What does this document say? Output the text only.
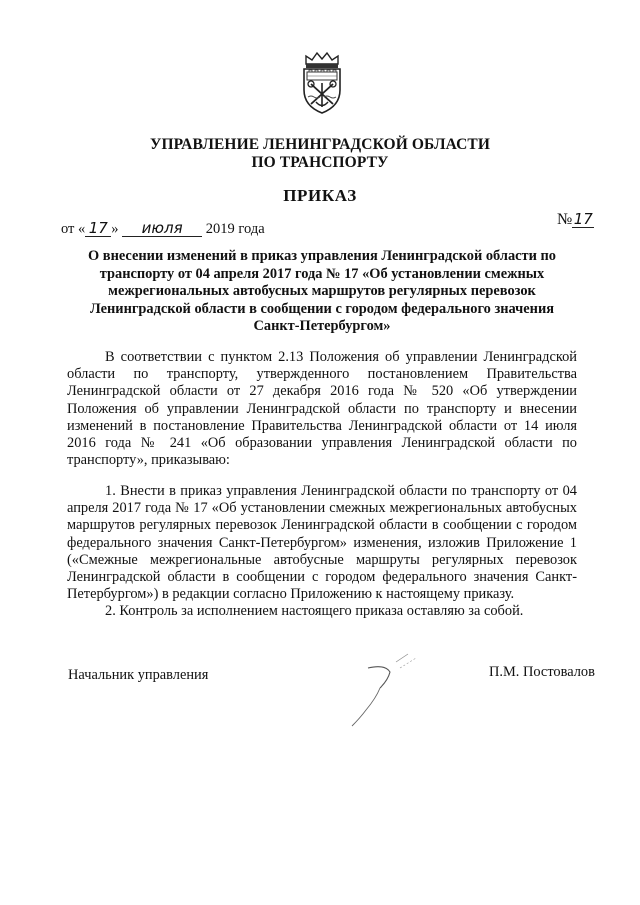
УПРАВЛЕНИЕ ЛЕНИНГРАДСКОЙ ОБЛАСТИ
ПО ТРАНСПОРТУ
ПРИКАЗ
от « 17 » июля 2019 года
№17
О внесении изменений в приказ управления Ленинградской области по транспорту от 04 апреля 2017 года № 17 «Об установлении смежных межрегиональных автобусных маршрутов регулярных перевозок Ленинградской области в сообщении с городом федерального значения Санкт-Петербургом»

В соответствии с пунктом 2.13 Положения об управлении Ленинградской области по транспорту, утвержденного постановлением Правительства Ленинградской области от 27 декабря 2016 года № 520 «Об утверждении Положения об управлении Ленинградской области по транспорту и внесении изменений в постановление Правительства Ленинградской области от 14 июля 2016 года № 241 «Об образовании управления Ленинградской области по транспорту», приказываю:

1. Внести в приказ управления Ленинградской области по транспорту от 04 апреля 2017 года № 17 «Об установлении смежных межрегиональных автобусных маршрутов регулярных перевозок Ленинградской области в сообщении с городом федерального значения Санкт-Петербургом» изменения, изложив Приложение 1 («Смежные межрегиональные автобусные маршруты регулярных перевозок Ленинградской области в сообщении с городом федерального значения Санкт-Петербургом») в редакции согласно Приложению к настоящему приказу.

2. Контроль за исполнением настоящего приказа оставляю за собой.

Начальник управления	П.М. Постовалов
